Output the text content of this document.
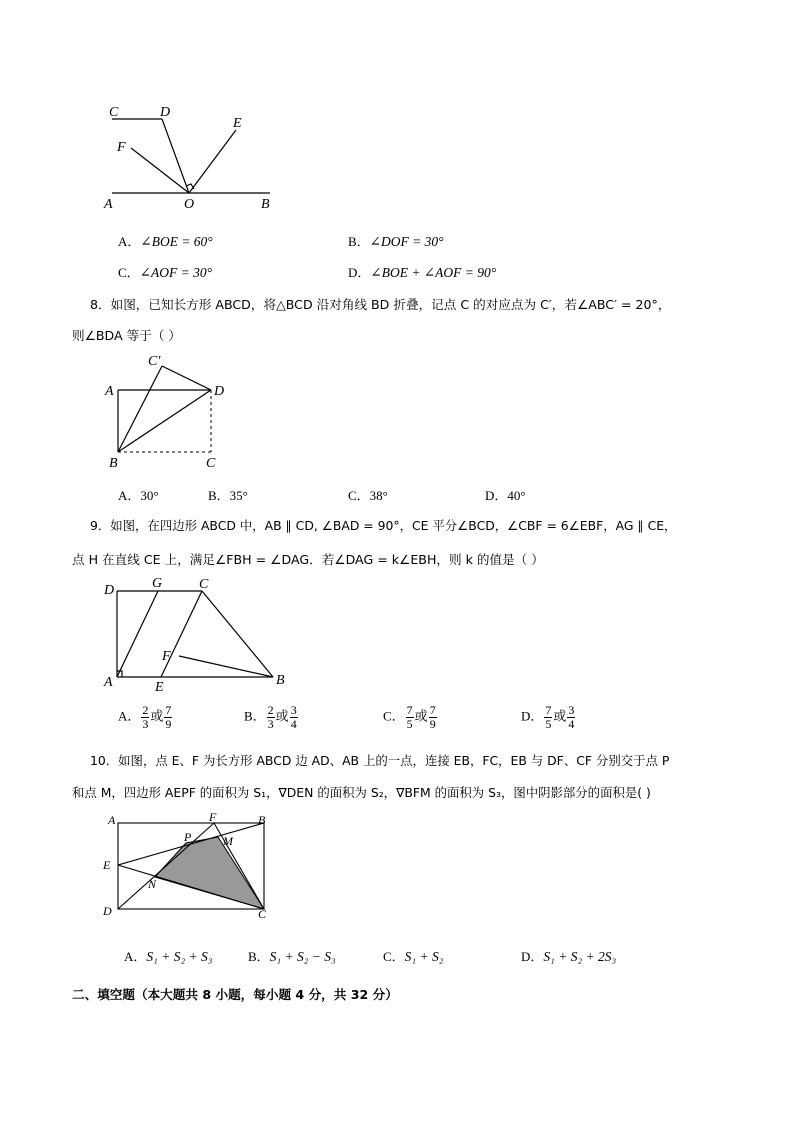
C	D
E
F
A	O	B
A．∠BOE = 60°	B．∠DOF = 30°
C．∠AOF = 30°	D．∠BOE + ∠AOF = 90°
8．如图，已知长方形 ABCD，将△BCD 沿对角线 BD 折叠，记点 C 的对应点为 C′，若∠ABC′ = 20°，
则∠BDA 等于（ ）
C′
A	D
B	C
A．30°	B．35°	C．38°	D．40°
9．如图，在四边形 ABCD 中，AB ∥ CD, ∠BAD = 90°，CE 平分∠BCD，∠CBF = 6∠EBF，AG ∥ CE，
点 H 在直线 CE 上，满足∠FBH = ∠DAG．若∠DAG = k∠EBH，则 k 的值是（ ）
D	G	C
F
A	E	B
A． $\frac{2}{3}$ 或 $\frac{7}{9}$	B． $\frac{2}{3}$ 或 $\frac{3}{4}$	C． $\frac{7}{5}$ 或 $\frac{7}{9}$	D． $\frac{7}{5}$ 或 $\frac{3}{4}$
10．如图，点 E、F 为长方形 ABCD 边 AD、AB 上的一点，连接 EB，FC，EB 与 DF、CF 分别交于点 P
和点 M，四边形 AEPF 的面积为 S₁，∇DEN 的面积为 S₂，∇BFM 的面积为 S₃，图中阴影部分的面积是( )
A	F	B
P	M
E
N
D	C
A．S₁ + S₂ + S₃	B．S₁ + S₂ − S₃	C．S₁ + S₂	D．S₁ + S₂ + 2S₃
二、填空题（本大题共 8 小题，每小题 4 分，共 32 分）
